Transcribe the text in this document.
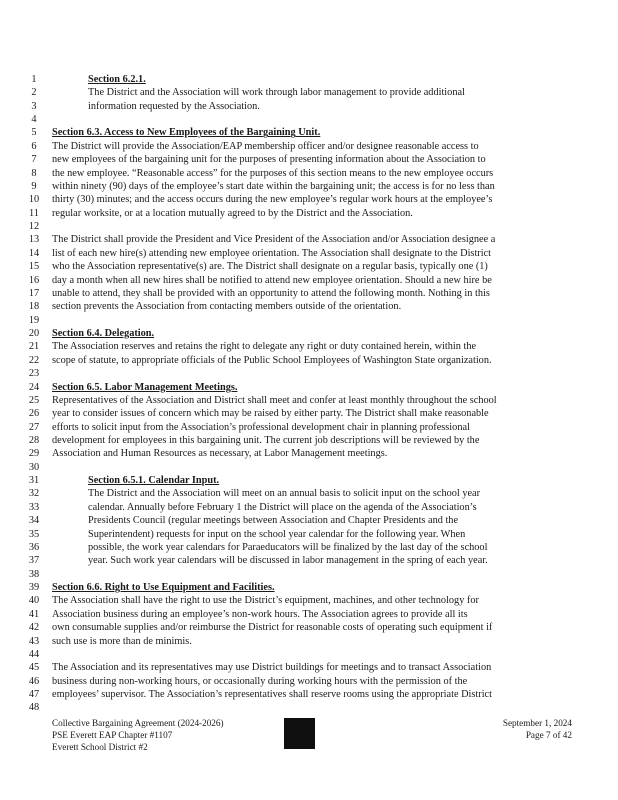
1	Section 6.2.1.
2	The District and the Association will work through labor management to provide additional
3	information requested by the Association.
4
5	Section 6.3. Access to New Employees of the Bargaining Unit.
6	The District will provide the Association/EAP membership officer and/or designee reasonable access to
7	new employees of the bargaining unit for the purposes of presenting information about the Association to
8	the new employee. “Reasonable access” for the purposes of this section means to the new employee occurs
9	within ninety (90) days of the employee’s start date within the bargaining unit; the access is for no less than
10	thirty (30) minutes; and the access occurs during the new employee’s regular work hours at the employee’s
11	regular worksite, or at a location mutually agreed to by the District and the Association.
12
13	The District shall provide the President and Vice President of the Association and/or Association designee a
14	list of each new hire(s) attending new employee orientation. The Association shall designate to the District
15	who the Association representative(s) are. The District shall designate on a regular basis, typically one (1)
16	day a month when all new hires shall be notified to attend new employee orientation. Should a new hire be
17	unable to attend, they shall be provided with an opportunity to attend the following month. Nothing in this
18	section prevents the Association from contacting members outside of the orientation.
19
20	Section 6.4. Delegation.
21	The Association reserves and retains the right to delegate any right or duty contained herein, within the
22	scope of statute, to appropriate officials of the Public School Employees of Washington State organization.
23
24	Section 6.5. Labor Management Meetings.
25	Representatives of the Association and District shall meet and confer at least monthly throughout the school
26	year to consider issues of concern which may be raised by either party. The District shall make reasonable
27	efforts to solicit input from the Association’s professional development chair in planning professional
28	development for employees in this bargaining unit. The current job descriptions will be reviewed by the
29	Association and Human Resources as necessary, at Labor Management meetings.
30
31	Section 6.5.1. Calendar Input.
32	The District and the Association will meet on an annual basis to solicit input on the school year
33	calendar. Annually before February 1 the District will place on the agenda of the Association’s
34	Presidents Council (regular meetings between Association and Chapter Presidents and the
35	Superintendent) requests for input on the school year calendar for the following year. When
36	possible, the work year calendars for Paraeducators will be finalized by the last day of the school
37	year. Such work year calendars will be discussed in labor management in the spring of each year.
38
39	Section 6.6. Right to Use Equipment and Facilities.
40	The Association shall have the right to use the District’s equipment, machines, and other technology for
41	Association business during an employee’s non-work hours. The Association agrees to provide all its
42	own consumable supplies and/or reimburse the District for reasonable costs of operating such equipment if
43	such use is more than de minimis.
44
45	The Association and its representatives may use District buildings for meetings and to transact Association
46	business during non-working hours, or occasionally during working hours with the permission of the
47	employees’ supervisor. The Association’s representatives shall reserve rooms using the appropriate District
48
Collective Bargaining Agreement (2024-2026)
PSE Everett EAP Chapter #1107
Everett School District #2
September 1, 2024
Page 7 of 42
